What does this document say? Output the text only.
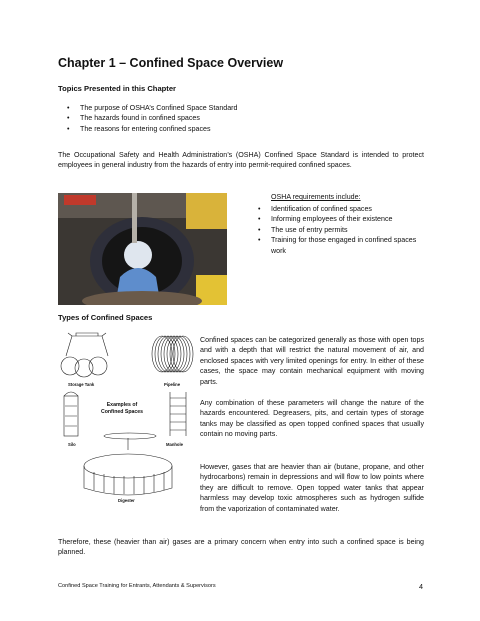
Chapter 1 – Confined Space Overview
Topics Presented in this Chapter
• The purpose of OSHA’s Confined Space Standard
• The hazards found in confined spaces
• The reasons for entering confined spaces
The Occupational Safety and Health Administration’s (OSHA) Confined Space Standard is intended to protect employees in general industry from the hazards of entry into permit-required confined spaces.
OSHA requirements include:
• Identification of confined spaces
• Informing employees of their existence
• The use of entry permits
• Training for those engaged in confined spaces work
Types of Confined Spaces
Storage Tank	Pipeline
Examples of Confined Spaces
Silo	Manhole
Digester
Confined spaces can be categorized generally as those with open tops and with a depth that will restrict the natural movement of air, and enclosed spaces with very limited openings for entry. In either of these cases, the space may contain mechanical equipment with moving parts.
Any combination of these parameters will change the nature of the hazards encountered. Degreasers, pits, and certain types of storage tanks may be classified as open topped confined spaces that usually contain no moving parts.
However, gases that are heavier than air (butane, propane, and other hydrocarbons) remain in depressions and will flow to low points where they are difficult to remove. Open topped water tanks that appear harmless may develop toxic atmospheres such as hydrogen sulfide from the vaporization of contaminated water.
Therefore, these (heavier than air) gases are a primary concern when entry into such a confined space is being planned.
Confined Space Training for Entrants, Attendants & Supervisors	4
